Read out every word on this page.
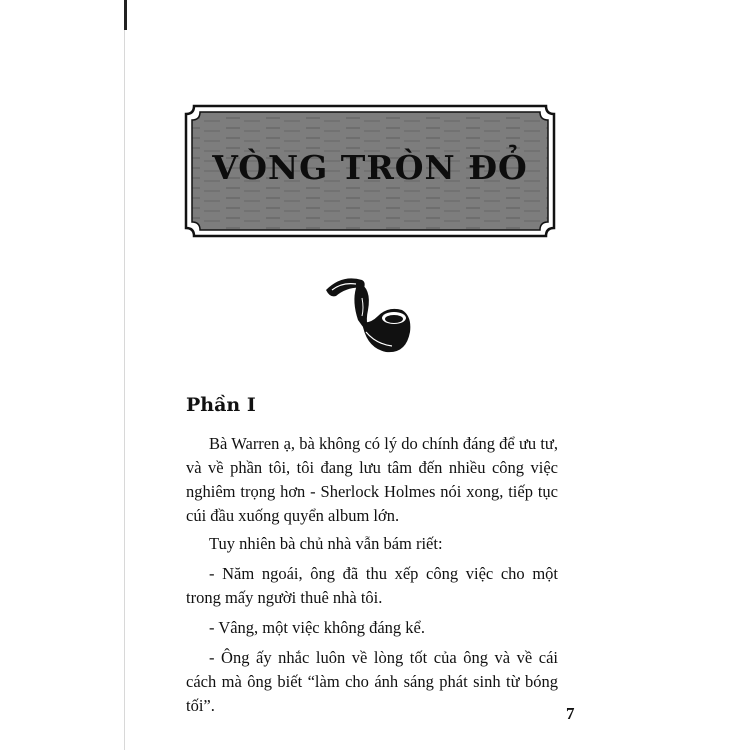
VÒNG TRÒN ĐỎ
Phần I

Bà Warren ạ, bà không có lý do chính đáng để ưu tư, và về phần tôi, tôi đang lưu tâm đến nhiều công việc nghiêm trọng hơn - Sherlock Holmes nói xong, tiếp tục cúi đầu xuống quyển album lớn.

Tuy nhiên bà chủ nhà vẫn bám riết:

- Năm ngoái, ông đã thu xếp công việc cho một trong mấy người thuê nhà tôi.

- Vâng, một việc không đáng kể.

- Ông ấy nhắc luôn về lòng tốt của ông và về cái cách mà ông biết “làm cho ánh sáng phát sinh từ bóng tối”.	7
